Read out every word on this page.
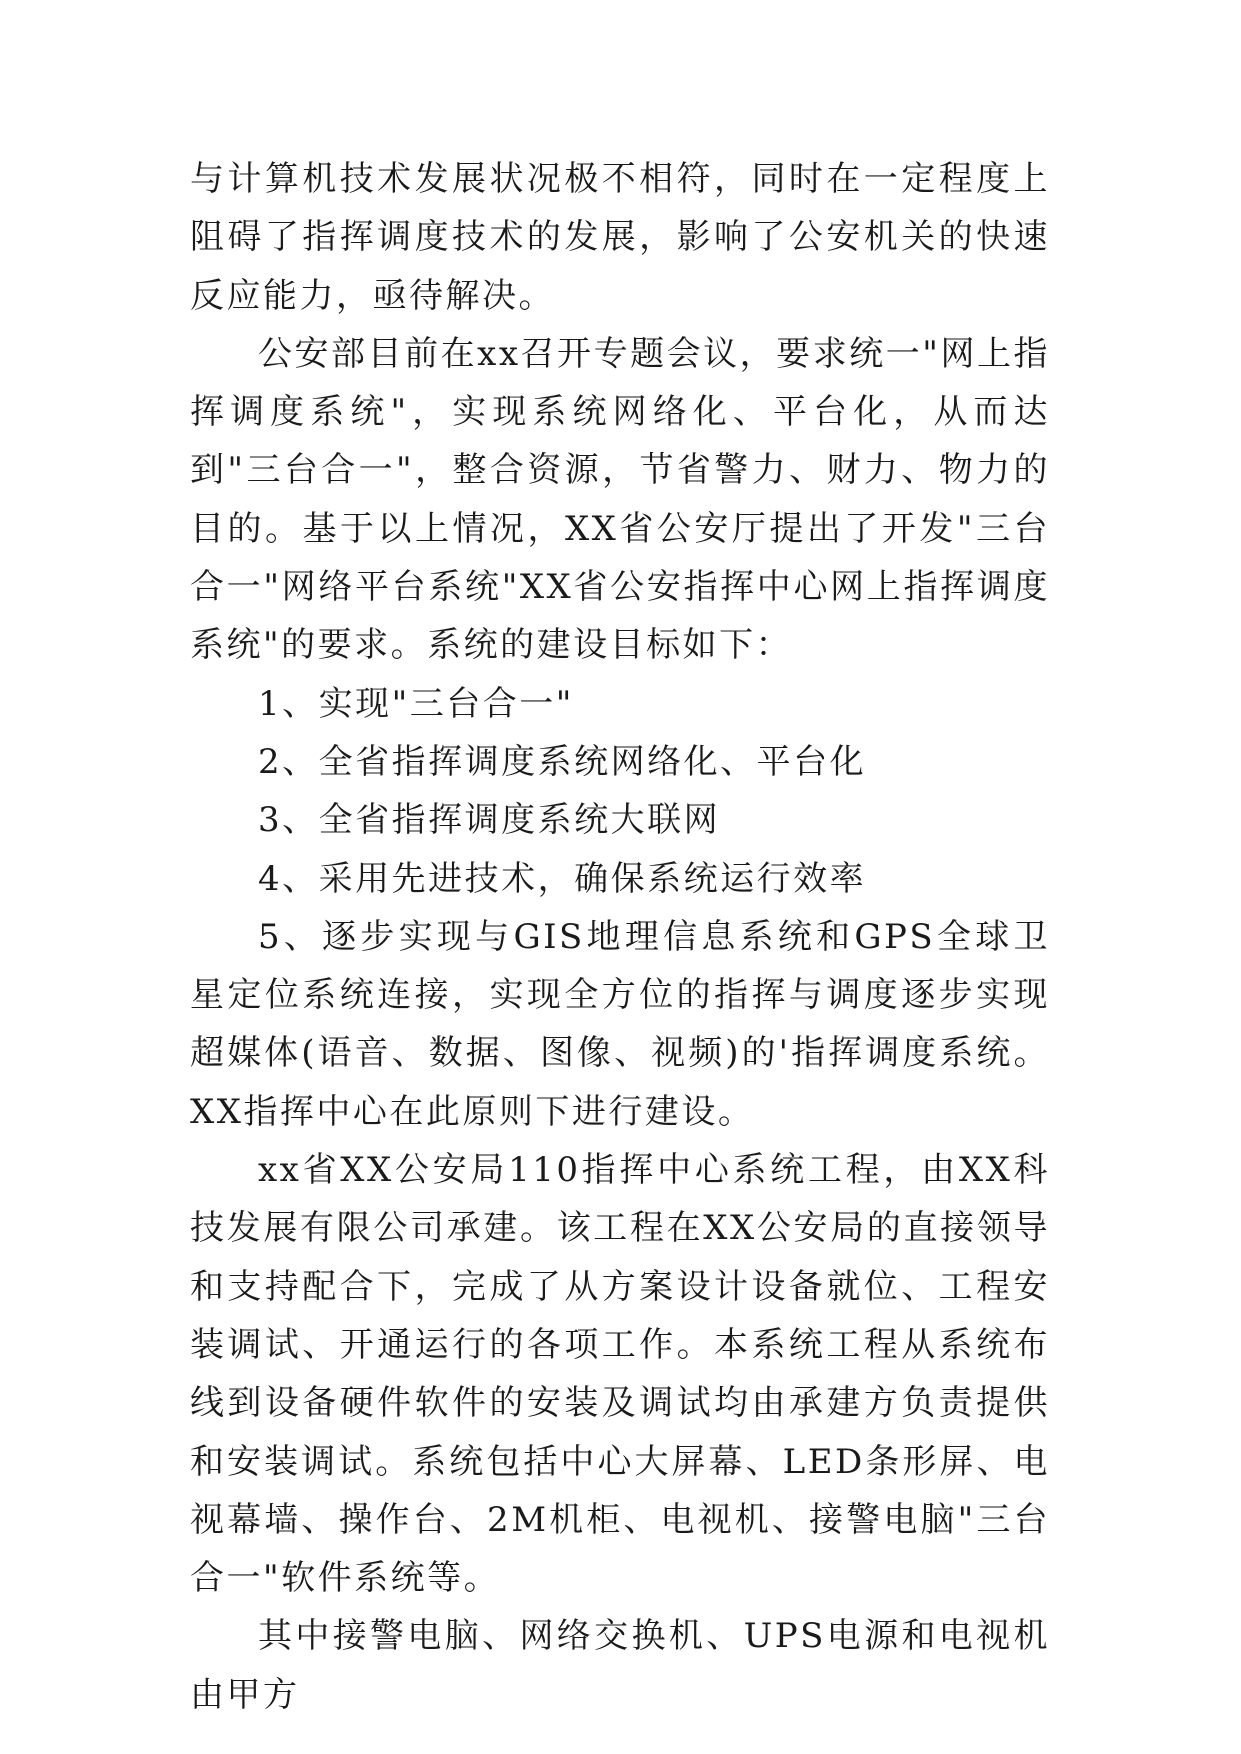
与计算机技术发展状况极不相符，同时在一定程度上阻碍了指挥调度技术的发展，影响了公安机关的快速反应能力，亟待解决。

公安部目前在xx召开专题会议，要求统一"网上指挥调度系统"，实现系统网络化、平台化，从而达到"三台合一"，整合资源，节省警力、财力、物力的目的。基于以上情况，XX省公安厅提出了开发"三台合一"网络平台系统"XX省公安指挥中心网上指挥调度系统"的要求。系统的建设目标如下：

1、实现"三台合一"

2、全省指挥调度系统网络化、平台化

3、全省指挥调度系统大联网

4、采用先进技术，确保系统运行效率

5、逐步实现与GIS地理信息系统和GPS全球卫星定位系统连接，实现全方位的指挥与调度逐步实现超媒体(语音、数据、图像、视频)的'指挥调度系统。XX指挥中心在此原则下进行建设。

xx省XX公安局110指挥中心系统工程，由XX科技发展有限公司承建。该工程在XX公安局的直接领导和支持配合下，完成了从方案设计设备就位、工程安装调试、开通运行的各项工作。本系统工程从系统布线到设备硬件软件的安装及调试均由承建方负责提供和安装调试。系统包括中心大屏幕、LED条形屏、电视幕墙、操作台、2M机柜、电视机、接警电脑"三台合一"软件系统等。

其中接警电脑、网络交换机、UPS电源和电视机由甲方
